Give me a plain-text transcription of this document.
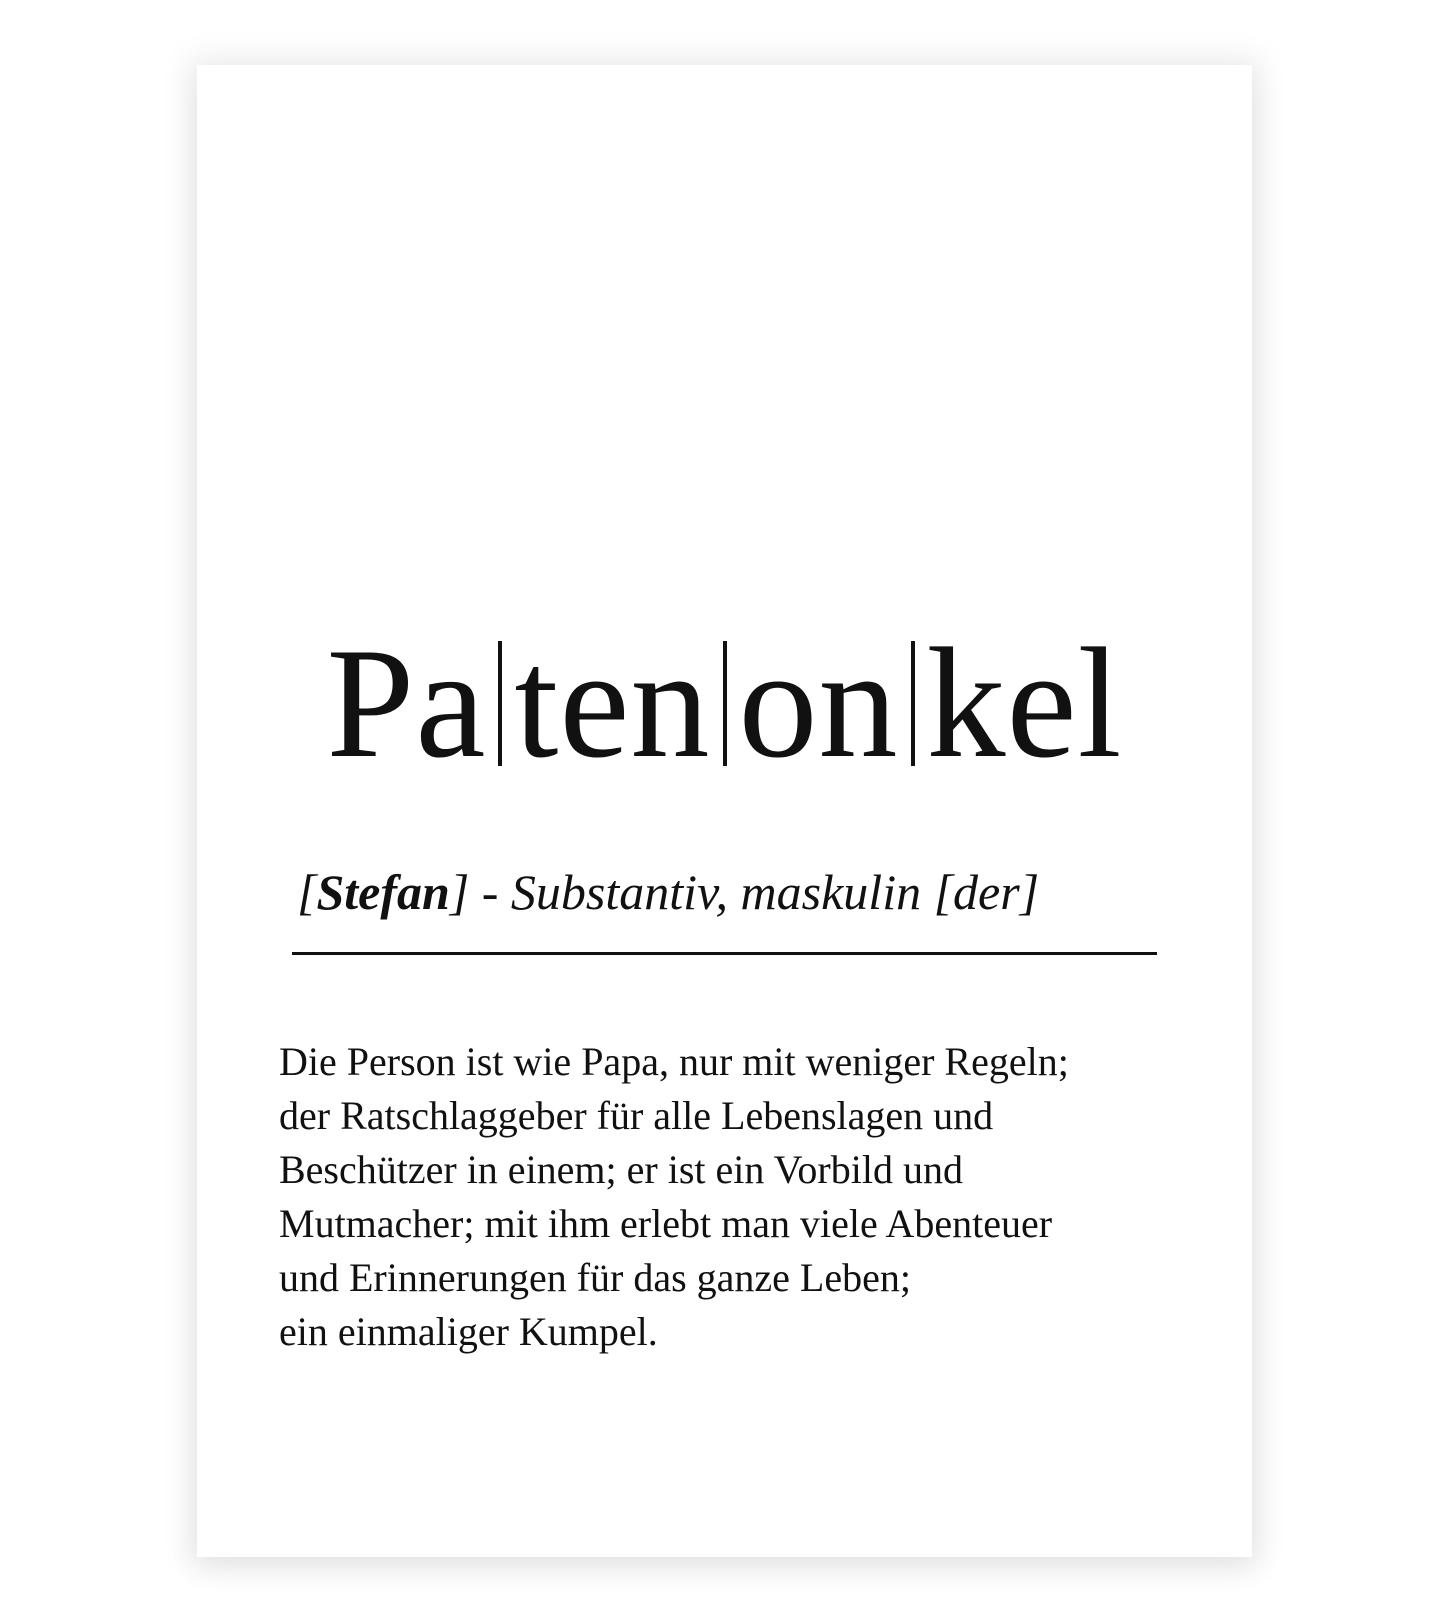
Pa ten on kel
[Stefan] - Substantiv, maskulin [der]
Die Person ist wie Papa, nur mit weniger Regeln;
der Ratschlaggeber für alle Lebenslagen und
Beschützer in einem; er ist ein Vorbild und
Mutmacher; mit ihm erlebt man viele Abenteuer
und Erinnerungen für das ganze Leben;
ein einmaliger Kumpel.
